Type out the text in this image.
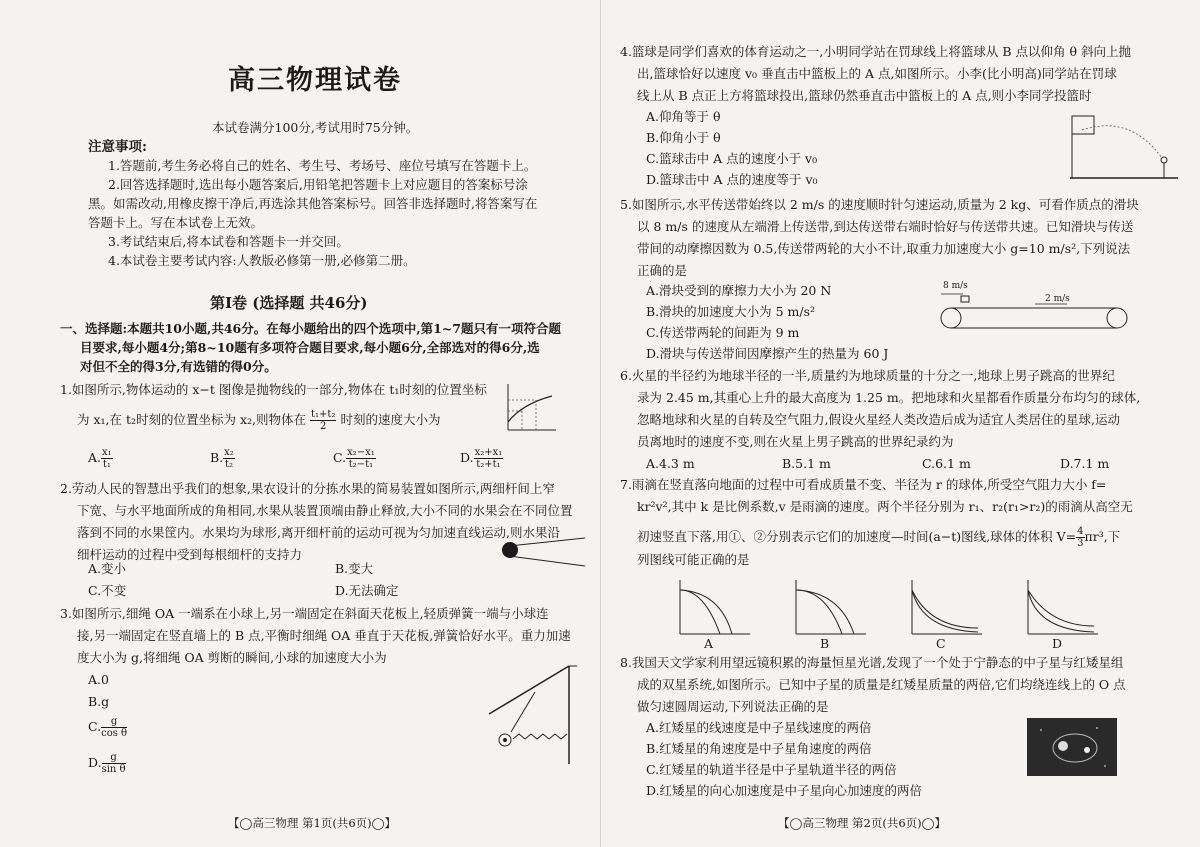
高三物理试卷
本试卷满分100分,考试用时75分钟。
注意事项:
1.答题前,考生务必将自己的姓名、考生号、考场号、座位号填写在答题卡上。
2.回答选择题时,选出每小题答案后,用铅笔把答题卡上对应题目的答案标号涂
黑。如需改动,用橡皮擦干净后,再选涂其他答案标号。回答非选择题时,将答案写在
答题卡上。写在本试卷上无效。
3.考试结束后,将本试卷和答题卡一并交回。
4.本试卷主要考试内容:人教版必修第一册,必修第二册。
第Ⅰ卷 (选择题 共46分)
一、选择题:本题共10小题,共46分。在每小题给出的四个选项中,第1~7题只有一项符合题
目要求,每小题4分;第8~10题有多项符合题目要求,每小题6分,全部选对的得6分,选
对但不全的得3分,有选错的得0分。
1.如图所示,物体运动的 x−t 图像是抛物线的一部分,物体在 t₁时刻的位置坐标
为 x₁,在 t₂时刻的位置坐标为 x₂,则物体在 $\frac{\text{t₁+t₂}}{2}$ 时刻的速度大小为
A. $\frac{\text{x₁}}{\text{t₁}}$	B. $\frac{\text{x₂}}{\text{t₂}}$	C. $\frac{\text{x₂−x₁}}{\text{t₂−t₁}}$	D. $\frac{\text{x₂+x₁}}{\text{t₂+t₁}}$
2.劳动人民的智慧出乎我们的想象,果农设计的分拣水果的简易装置如图所示,两细杆间上窄
下宽、与水平地面所成的角相同,水果从装置顶端由静止释放,大小不同的水果会在不同位置
落到不同的水果筐内。水果均为球形,离开细杆前的运动可视为匀加速直线运动,则水果沿
细杆运动的过程中受到每根细杆的支持力
A.变小	B.变大
C.不变	D.无法确定
3.如图所示,细绳 OA 一端系在小球上,另一端固定在斜面天花板上,轻质弹簧一端与小球连
接,另一端固定在竖直墙上的 B 点,平衡时细绳 OA 垂直于天花板,弹簧恰好水平。重力加速
度大小为 g,将细绳 OA 剪断的瞬间,小球的加速度大小为
A.0
B.g
C. $\frac{g}{\text{cos θ}}$
D. $\frac{g}{\text{sin θ}}$
【◯高三物理 第1页(共6页)◯】
4.篮球是同学们喜欢的体育运动之一,小明同学站在罚球线上将篮球从 B 点以仰角 θ 斜向上抛
出,篮球恰好以速度 v₀ 垂直击中篮板上的 A 点,如图所示。小李(比小明高)同学站在罚球
线上从 B 点正上方将篮球投出,篮球仍然垂直击中篮板上的 A 点,则小李同学投篮时
A.仰角等于 θ
B.仰角小于 θ
C.篮球击中 A 点的速度小于 v₀
D.篮球击中 A 点的速度等于 v₀
5.如图所示,水平传送带始终以 2 m/s 的速度顺时针匀速运动,质量为 2 kg、可看作质点的滑块
以 8 m/s 的速度从左端滑上传送带,到达传送带右端时恰好与传送带共速。已知滑块与传送
带间的动摩擦因数为 0.5,传送带两轮的大小不计,取重力加速度大小 g=10 m/s²,下列说法
正确的是
A.滑块受到的摩擦力大小为 20 N
B.滑块的加速度大小为 5 m/s²
C.传送带两轮的间距为 9 m
D.滑块与传送带间因摩擦产生的热量为 60 J
8 m/s
2 m/s
6.火星的半径约为地球半径的一半,质量约为地球质量的十分之一,地球上男子跳高的世界纪
录为 2.45 m,其重心上升的最大高度为 1.25 m。把地球和火星都看作质量分布均匀的球体,
忽略地球和火星的自转及空气阻力,假设火星经人类改造后成为适宜人类居住的星球,运动
员离地时的速度不变,则在火星上男子跳高的世界纪录约为
A.4.3 m	B.5.1 m	C.6.1 m	D.7.1 m
7.雨滴在竖直落向地面的过程中可看成质量不变、半径为 r 的球体,所受空气阻力大小 f=
kr²v²,其中 k 是比例系数,v 是雨滴的速度。两个半径分别为 r₁、r₂(r₁>r₂)的雨滴从高空无
初速竖直下落,用①、②分别表示它们的加速度—时间(a−t)图线,球体的体积 $V= \frac{4}{3} \pi r^3$,下
列图线可能正确的是
A	B	C	D
8.我国天文学家利用望远镜积累的海量恒星光谱,发现了一个处于宁静态的中子星与红矮星组
成的双星系统,如图所示。已知中子星的质量是红矮星质量的两倍,它们均绕连线上的 O 点
做匀速圆周运动,下列说法正确的是
A.红矮星的线速度是中子星线速度的两倍
B.红矮星的角速度是中子星角速度的两倍
C.红矮星的轨道半径是中子星轨道半径的两倍
D.红矮星的向心加速度是中子星向心加速度的两倍
【◯高三物理 第2页(共6页)◯】
